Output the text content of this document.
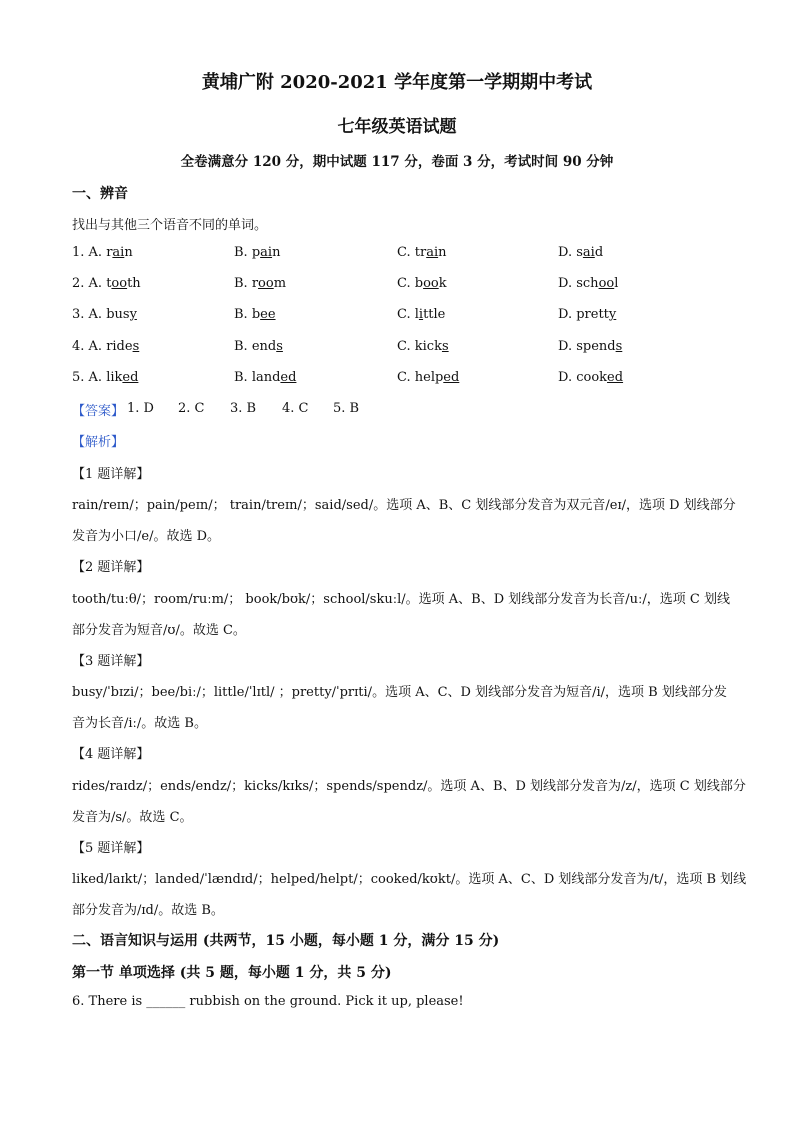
黄埔广附 2020-2021 学年度第一学期期中考试
七年级英语试题
全卷满意分 120 分，期中试题 117 分，卷面 3 分，考试时间 90 分钟
一、辨音
找出与其他三个语音不同的单词。
1. A. rain	B. pain	C. train	D. said
2. A. tooth	B. room	C. book	D. school
3. A. busy	B. bee	C. little	D. pretty
4. A. rides	B. ends	C. kicks	D. spends
5. A. liked	B. landed	C. helped	D. cooked
【答案】 1. D 2. C 3. B 4. C 5. B
【解析】
【1 题详解】
rain/reɪn/；pain/peɪn/； train/treɪn/；said/sed/。选项 A、B、C 划线部分发音为双元音/eɪ/，选项 D 划线部分
发音为小口/e/。故选 D。
【2 题详解】
tooth/tuːθ/；room/ruːm/； book/bʊk/；school/skuːl/。选项 A、B、D 划线部分发音为长音/uː/，选项 C 划线
部分发音为短音/ʊ/。故选 C。
【3 题详解】
busy/ˈbɪzi/；bee/biː/；little/ˈlɪtl/ ；pretty/ˈprɪti/。选项 A、C、D 划线部分发音为短音/i/，选项 B 划线部分发
音为长音/iː/。故选 B。
【4 题详解】
rides/raɪdz/；ends/endz/；kicks/kɪks/；spends/spendz/。选项 A、B、D 划线部分发音为/z/，选项 C 划线部分
发音为/s/。故选 C。
【5 题详解】
liked/laɪkt/；landed/ˈlændɪd/；helped/helpt/；cooked/kʊkt/。选项 A、C、D 划线部分发音为/t/，选项 B 划线
部分发音为/ɪd/。故选 B。
二、语言知识与运用 (共两节，15 小题，每小题 1 分，满分 15 分)
第一节 单项选择 (共 5 题，每小题 1 分，共 5 分)
6. There is ______ rubbish on the ground. Pick it up, please!
